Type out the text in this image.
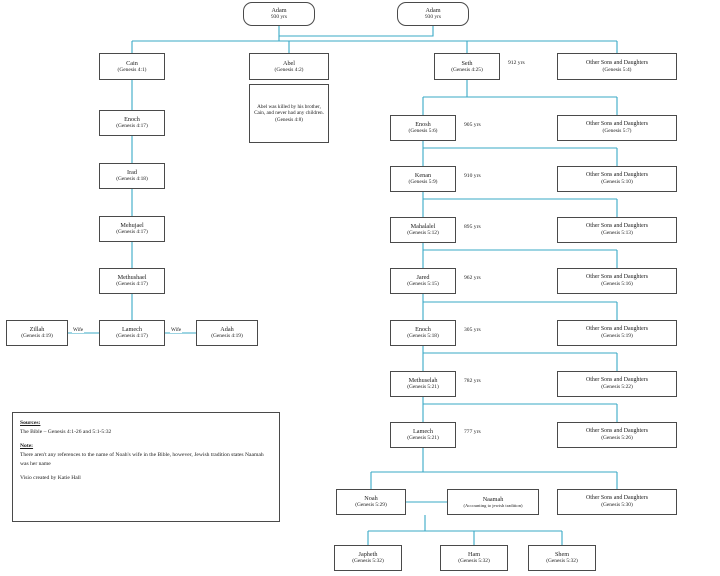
Adam
930 yrs
Adam
930 yrs
Cain
(Genesis 4:1)
Abel
(Genesis 4:2)
Seth
(Genesis 4:25)
Other Sons and Daughters
(Genesis 5:4)
Abel was killed by his brother, Cain, and never had any children. (Genesis 4:8)
Enoch
(Genesis 4:17)
Irad
(Genesis 4:18)
Mehujael
(Genesis 4:17)
Methushael
(Genesis 4:17)
Zillah
(Genesis 4:19)
Lamech
(Genesis 4:17)
Adah
(Genesis 4:19)
Enosh
(Genesis 5:6)
Kenan
(Genesis 5:9)
Mahalalel
(Genesis 5:12)
Jared
(Genesis 5:15)
Enoch
(Genesis 5:18)
Methuselah
(Genesis 5:21)
Lamech
(Genesis 5:21)
Other Sons and Daughters
(Genesis 5:7)
Other Sons and Daughters
(Genesis 5:10)
Other Sons and Daughters
(Genesis 5:13)
Other Sons and Daughters
(Genesis 5:16)
Other Sons and Daughters
(Genesis 5:19)
Other Sons and Daughters
(Genesis 5:22)
Other Sons and Daughters
(Genesis 5:26)
Other Sons and Daughters
(Genesis 5:30)
Noah
(Genesis 5:29)
Naamah
(Accounting to jewish tradition)
Japheth
(Genesis 5:32)
Ham
(Genesis 5:32)
Shem
(Genesis 5:32)
912 yrs
905 yrs
910 yrs
895 yrs
962 yrs
305 yrs
782 yrs
777 yrs
Wife	Wife

Sources:
The Bible – Genesis 4:1-26 and 5:1-5:32

Note:
There aren't any references to the name of Noah's wife in the Bible, however, Jewish tradition states Naamah was her name

Visio created by Katie Hall
